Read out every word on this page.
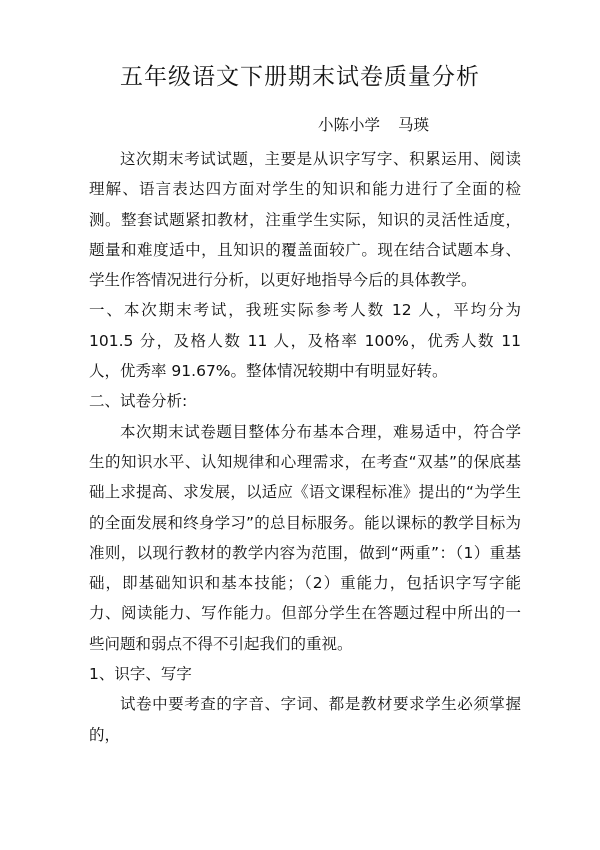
五年级语文下册期末试卷质量分析
小陈小学 马瑛

这次期末考试试题，主要是从识字写字、积累运用、阅读理解、语言表达四方面对学生的知识和能力进行了全面的检测。整套试题紧扣教材，注重学生实际，知识的灵活性适度，题量和难度适中，且知识的覆盖面较广。现在结合试题本身、学生作答情况进行分析，以更好地指导今后的具体教学。

一、本次期末考试，我班实际参考人数 12 人，平均分为 101.5 分，及格人数 11 人，及格率 100%，优秀人数 11 人，优秀率 91.67%。整体情况较期中有明显好转。

二、试卷分析:

本次期末试卷题目整体分布基本合理，难易适中，符合学生的知识水平、认知规律和心理需求，在考查“双基”的保底基础上求提高、求发展，以适应《语文课程标准》提出的“为学生的全面发展和终身学习”的总目标服务。能以课标的教学目标为准则，以现行教材的教学内容为范围，做到“两重”：（1）重基础，即基础知识和基本技能；（2）重能力，包括识字写字能力、阅读能力、写作能力。但部分学生在答题过程中所出的一些问题和弱点不得不引起我们的重视。

1、识字、写字

试卷中要考查的字音、字词、都是教材要求学生必须掌握的，
